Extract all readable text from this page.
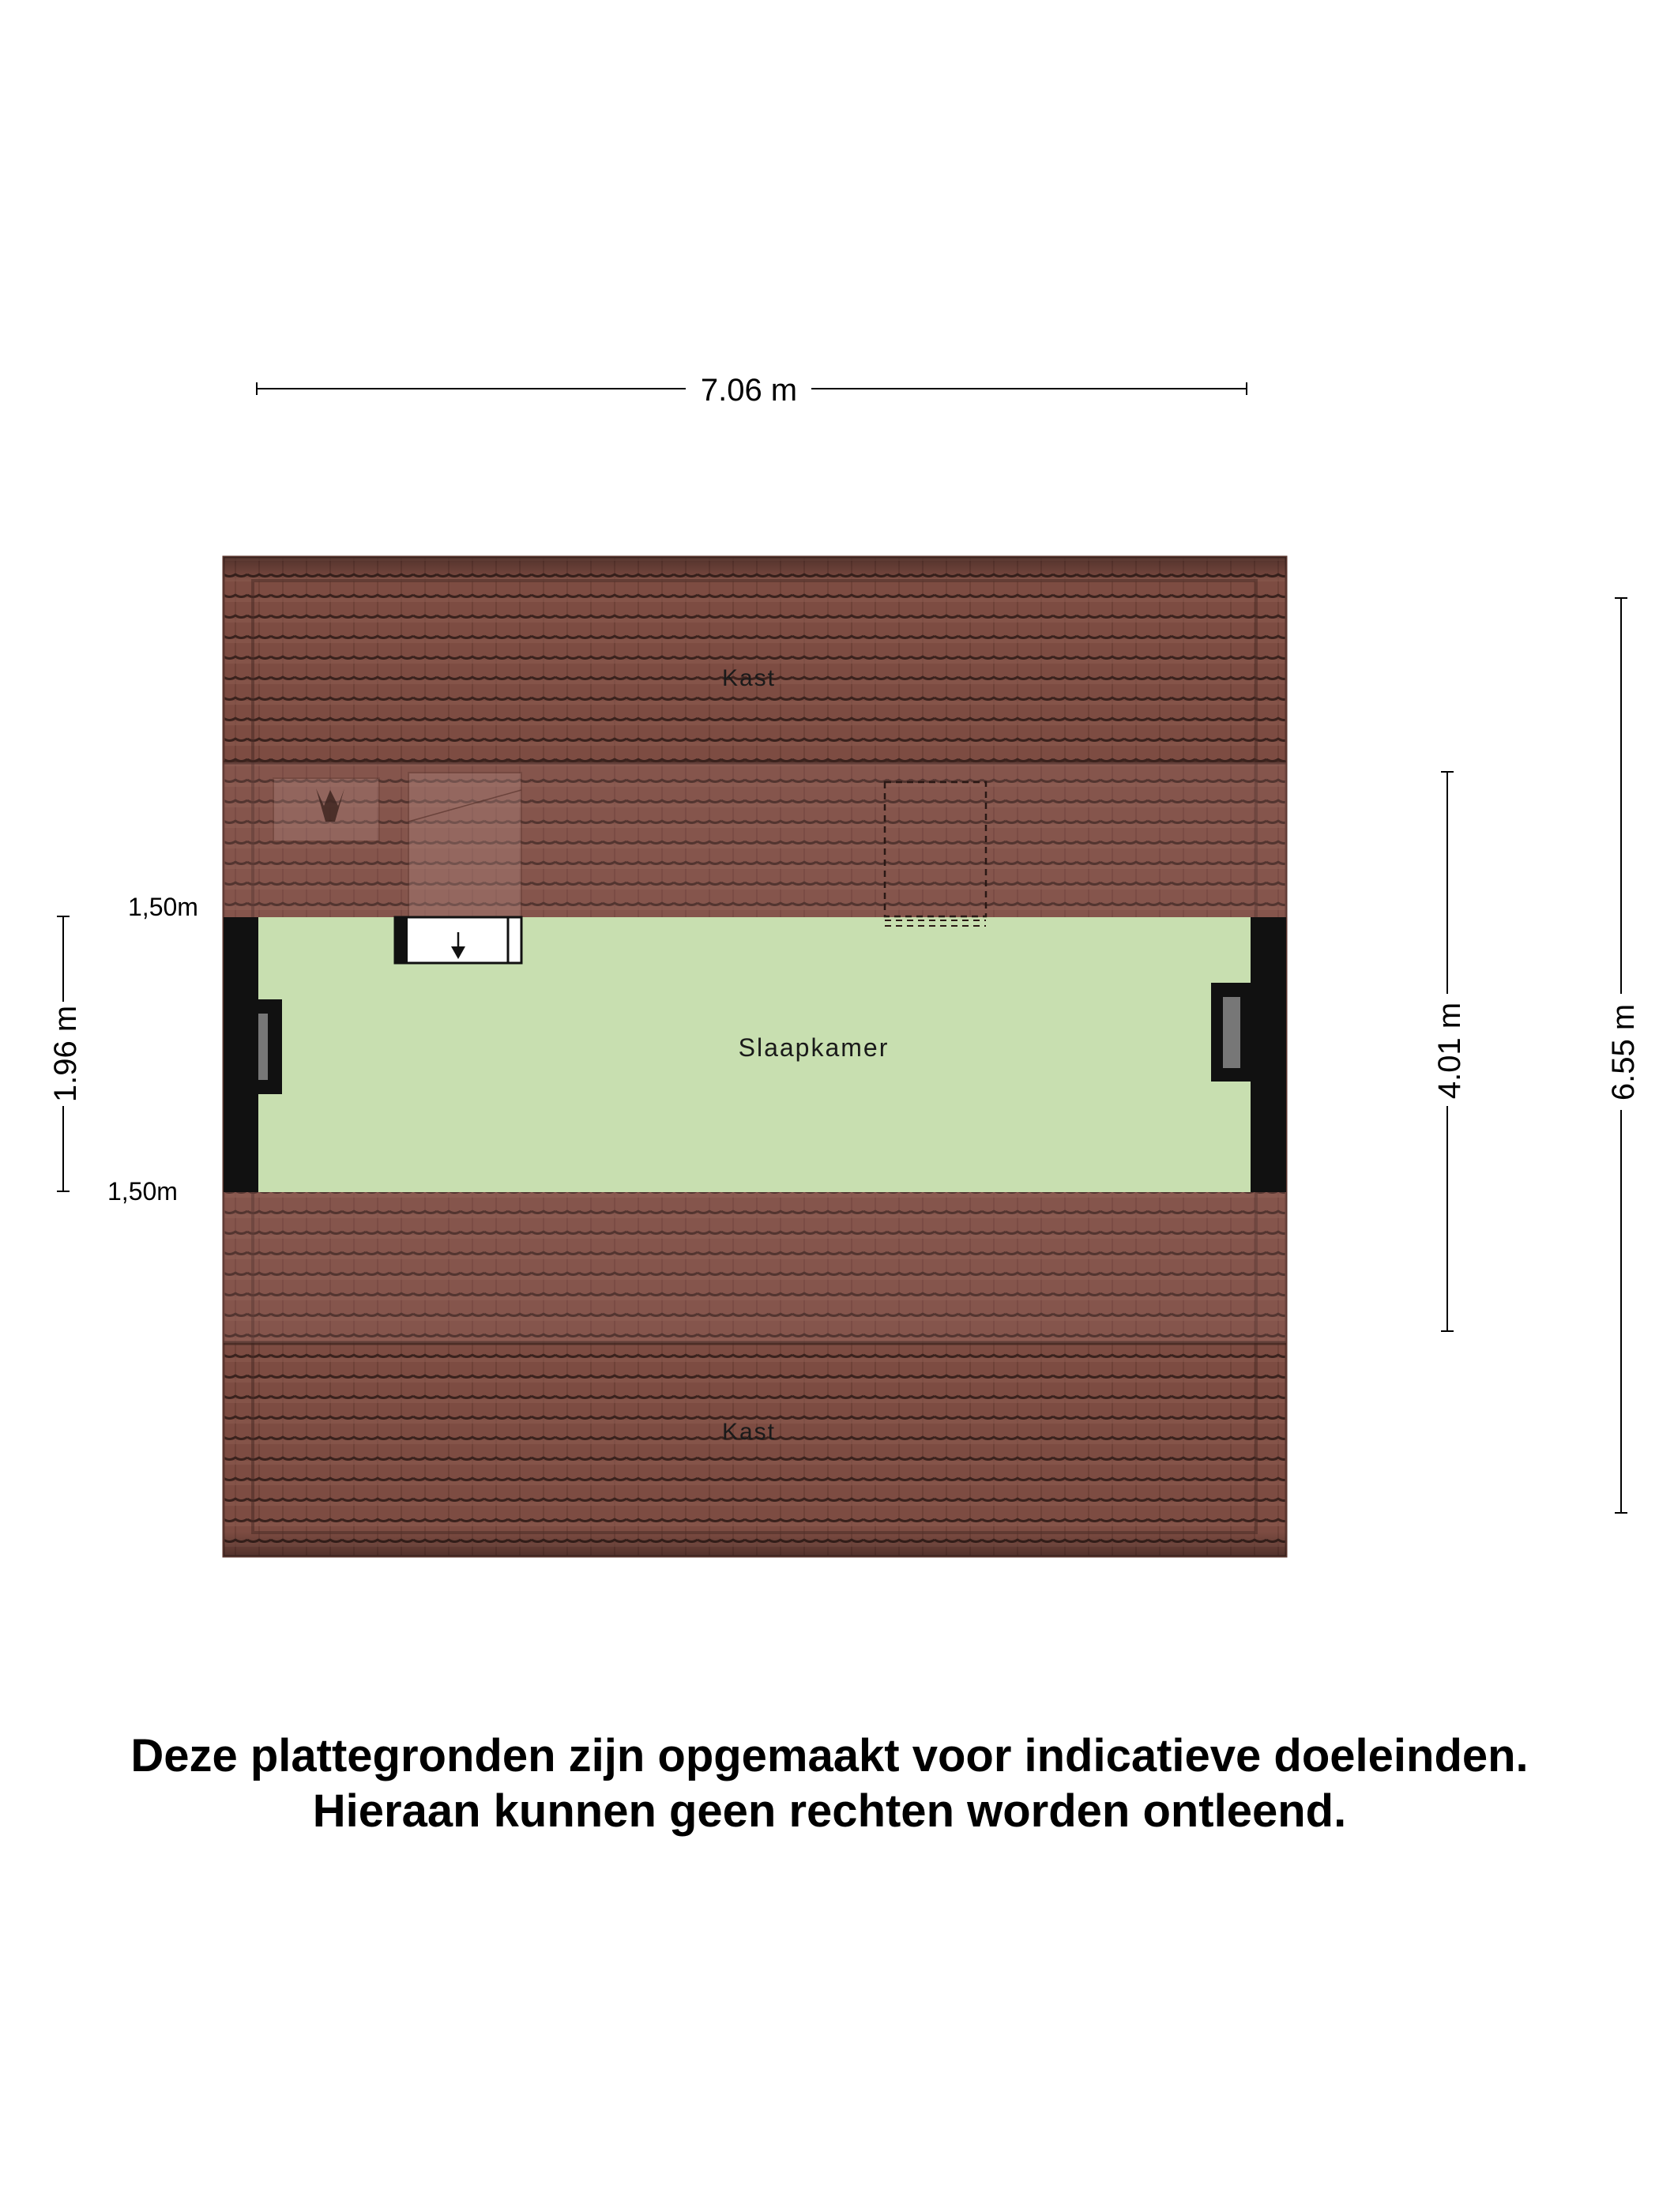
7.06 m
Slaapkamer
Kast
Kast
1,50m
1,50m
1.96 m	4.01 m	6.55 m
Deze plattegronden zijn opgemaakt voor indicatieve doeleinden.
Hieraan kunnen geen rechten worden ontleend.
